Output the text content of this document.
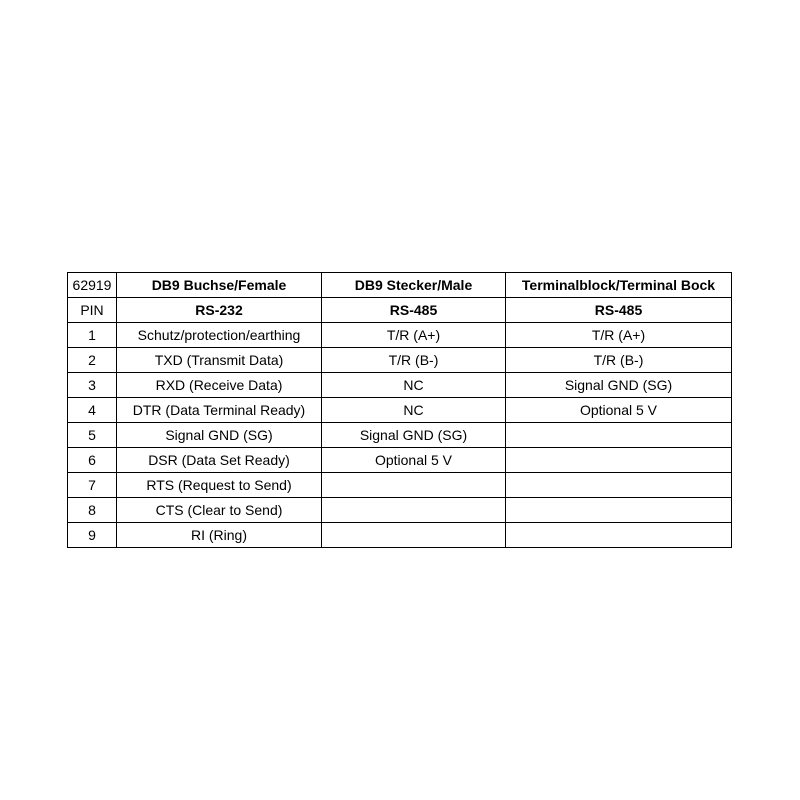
62919	DB9 Buchse/Female	DB9 Stecker/Male	Terminalblock/Terminal Bock
PIN	RS-232	RS-485	RS-485
1	Schutz/protection/earthing	T/R (A+)	T/R (A+)
2	TXD (Transmit Data)	T/R (B-)	T/R (B-)
3	RXD (Receive Data)	NC	Signal GND (SG)
4	DTR (Data Terminal Ready)	NC	Optional 5 V
5	Signal GND (SG)	Signal GND (SG)	
6	DSR (Data Set Ready)	Optional 5 V	
7	RTS (Request to Send)		
8	CTS (Clear to Send)		
9	RI (Ring)		
